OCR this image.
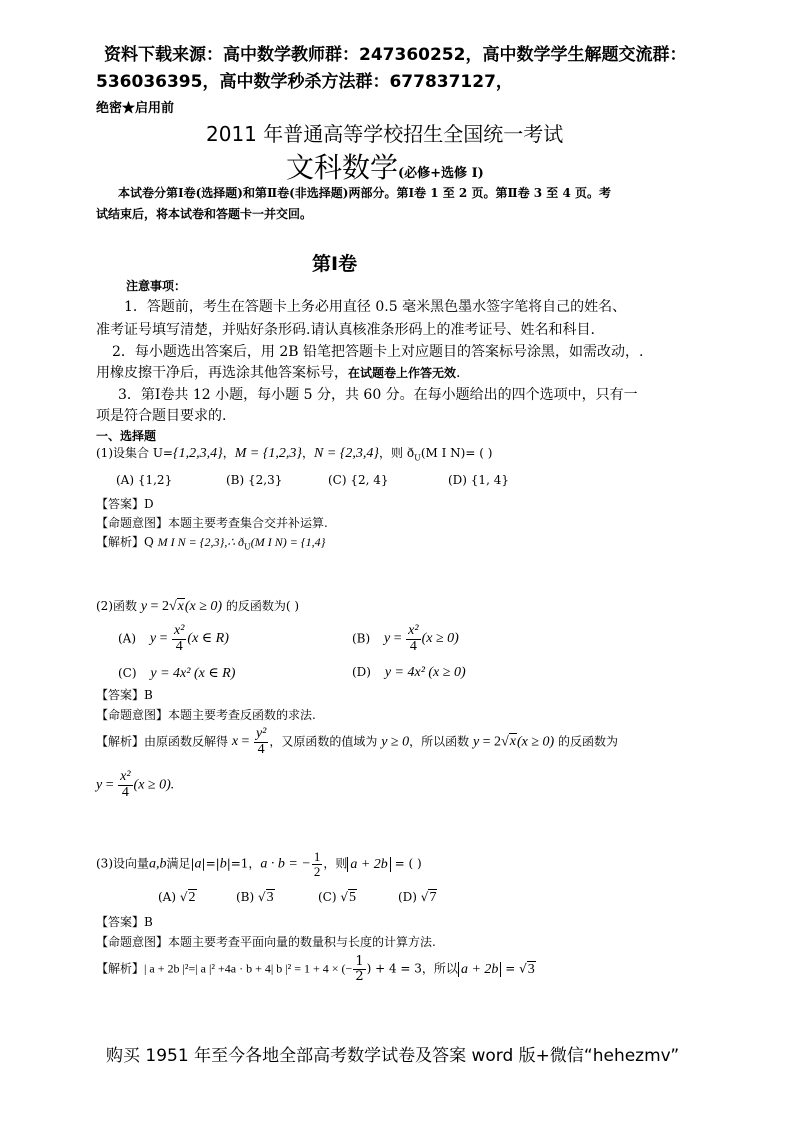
资料下载来源：高中数学教师群：247360252，高中数学学生解题交流群：
536036395，高中数学秒杀方法群：677837127，
绝密★启用前
2011 年普通高等学校招生全国统一考试
文科数学(必修+选修 I)
本试卷分第Ⅰ卷(选择题)和第Ⅱ卷(非选择题)两部分。第Ⅰ卷 1 至 2 页。第Ⅱ卷 3 至 4 页。考
试结束后，将本试卷和答题卡一并交回。
第Ⅰ卷
注意事项：
1．答题前，考生在答题卡上务必用直径 0.5 毫米黑色墨水签字笔将自己的姓名、
准考证号填写清楚，并贴好条形码.请认真核准条形码上的准考证号、姓名和科目.
2．每小题选出答案后，用 2B 铅笔把答题卡上对应题目的答案标号涂黑，如需改动，.
用橡皮擦干净后，再选涂其他答案标号，在试题卷上作答无效.
3．第Ⅰ卷共 12 小题，每小题 5 分，共 60 分。在每小题给出的四个选项中，只有一
项是符合题目要求的.
一、选择题
(1)设集合 U={1,2,3,4}，M = {1,2,3}，N = {2,3,4}，则 $ð_U(M$ I N)= ( )
(A) {1,2}	(B) {2,3}	(C) {2, 4}	(D) {1, 4}
【答案】D
【命题意图】本题主要考查集合交并补运算.
【解析】Q M I N = {2,3},∴ $ð_U(M$ I N) = {1,4}
(2)函数 y = 2√x(x ≥ 0) 的反函数为( )
(A) $y = \frac{\text{x²}}{4} (x$ ∈ R)	(B) $y = \frac{\text{x²}}{4} (x \ge 0)$
(C) y = 4x² (x ∈ R)	(D) y = 4x² (x ≥ 0)
【答案】B
【命题意图】本题主要考查反函数的求法.
【解析】由原函数反解得 $x = \frac{\text{y²}}{4}$ ，又原函数的值域为 y ≥ 0，所以函数 y = 2√x(x ≥ 0) 的反函数为
$y = \frac{\text{x²}}{4} (x \ge 0)$.
(3)设向量a,b满足|a|=|b|=1，a · b = − $\frac{1}{2}$ ，则 a + 2b = ( )
(A) √2	(B) √3	(C) √5	(D) √7
【答案】B
【命题意图】本题主要考查平面向量的数量积与长度的计算方法.
【解析】| a + 2b |²=| a |² +4a · b + 4| b |² = 1 + 4 × (− $\frac{1}{2}$ ) + 4 = 3，所以 a + 2b = √3
购买 1951 年至今各地全部高考数学试卷及答案 word 版+微信“hehezmv”
